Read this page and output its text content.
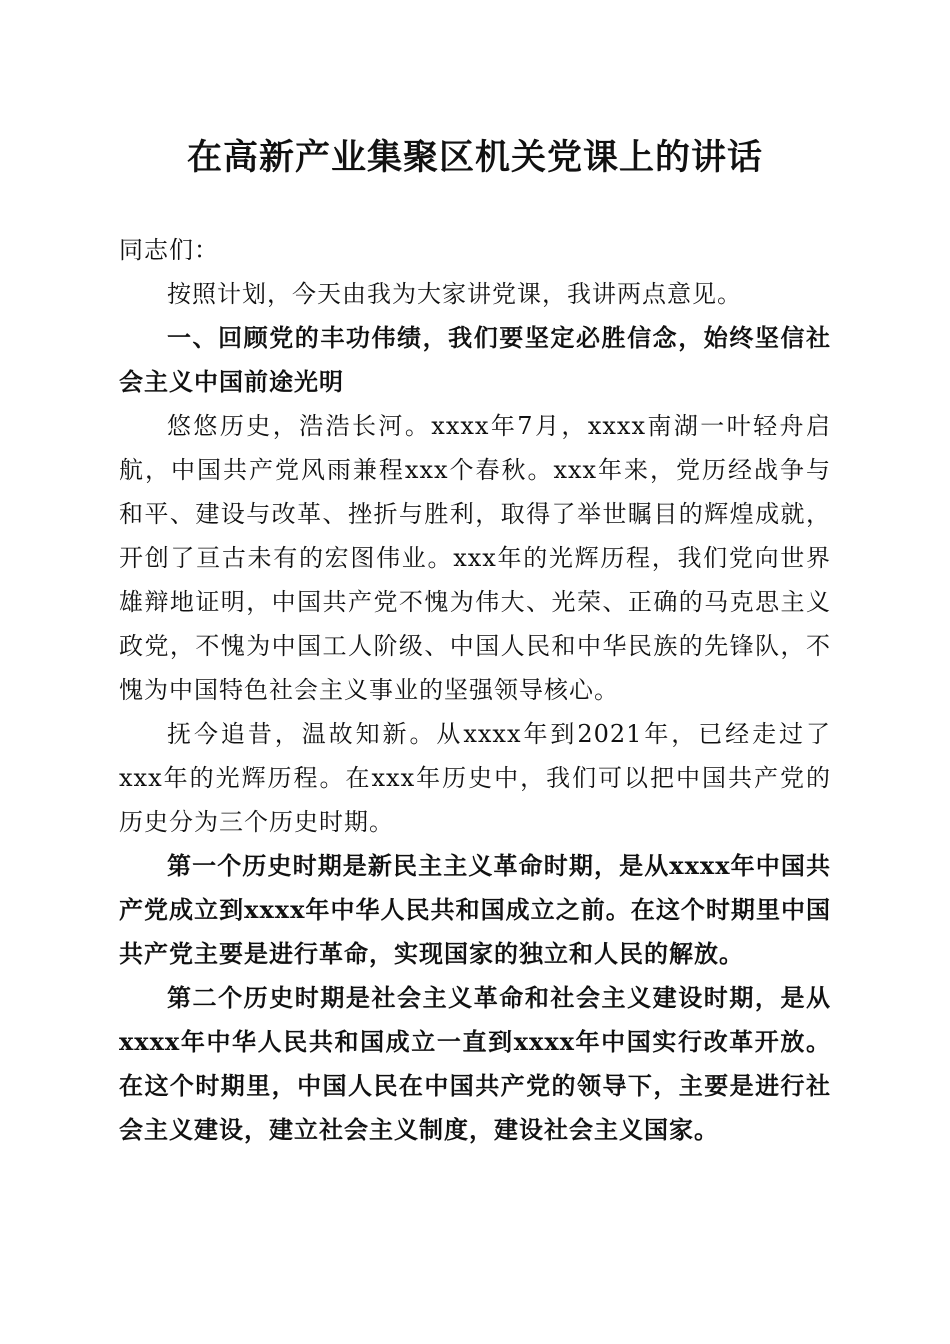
在高新产业集聚区机关党课上的讲话

同志们：

按照计划，今天由我为大家讲党课，我讲两点意见。

一、回顾党的丰功伟绩，我们要坚定必胜信念，始终坚信社会主义中国前途光明

悠悠历史，浩浩长河。xxxx年7月，xxxx南湖一叶轻舟启航，中国共产党风雨兼程xxx个春秋。xxx年来，党历经战争与和平、建设与改革、挫折与胜利，取得了举世瞩目的辉煌成就，开创了亘古未有的宏图伟业。xxx年的光辉历程，我们党向世界雄辩地证明，中国共产党不愧为伟大、光荣、正确的马克思主义政党，不愧为中国工人阶级、中国人民和中华民族的先锋队，不愧为中国特色社会主义事业的坚强领导核心。

抚今追昔，温故知新。从xxxx年到2021年，已经走过了xxx年的光辉历程。在xxx年历史中，我们可以把中国共产党的历史分为三个历史时期。

第一个历史时期是新民主主义革命时期，是从xxxx年中国共产党成立到xxxx年中华人民共和国成立之前。在这个时期里中国共产党主要是进行革命，实现国家的独立和人民的解放。

第二个历史时期是社会主义革命和社会主义建设时期，是从xxxx年中华人民共和国成立一直到xxxx年中国实行改革开放。在这个时期里，中国人民在中国共产党的领导下，主要是进行社会主义建设，建立社会主义制度，建设社会主义国家。
